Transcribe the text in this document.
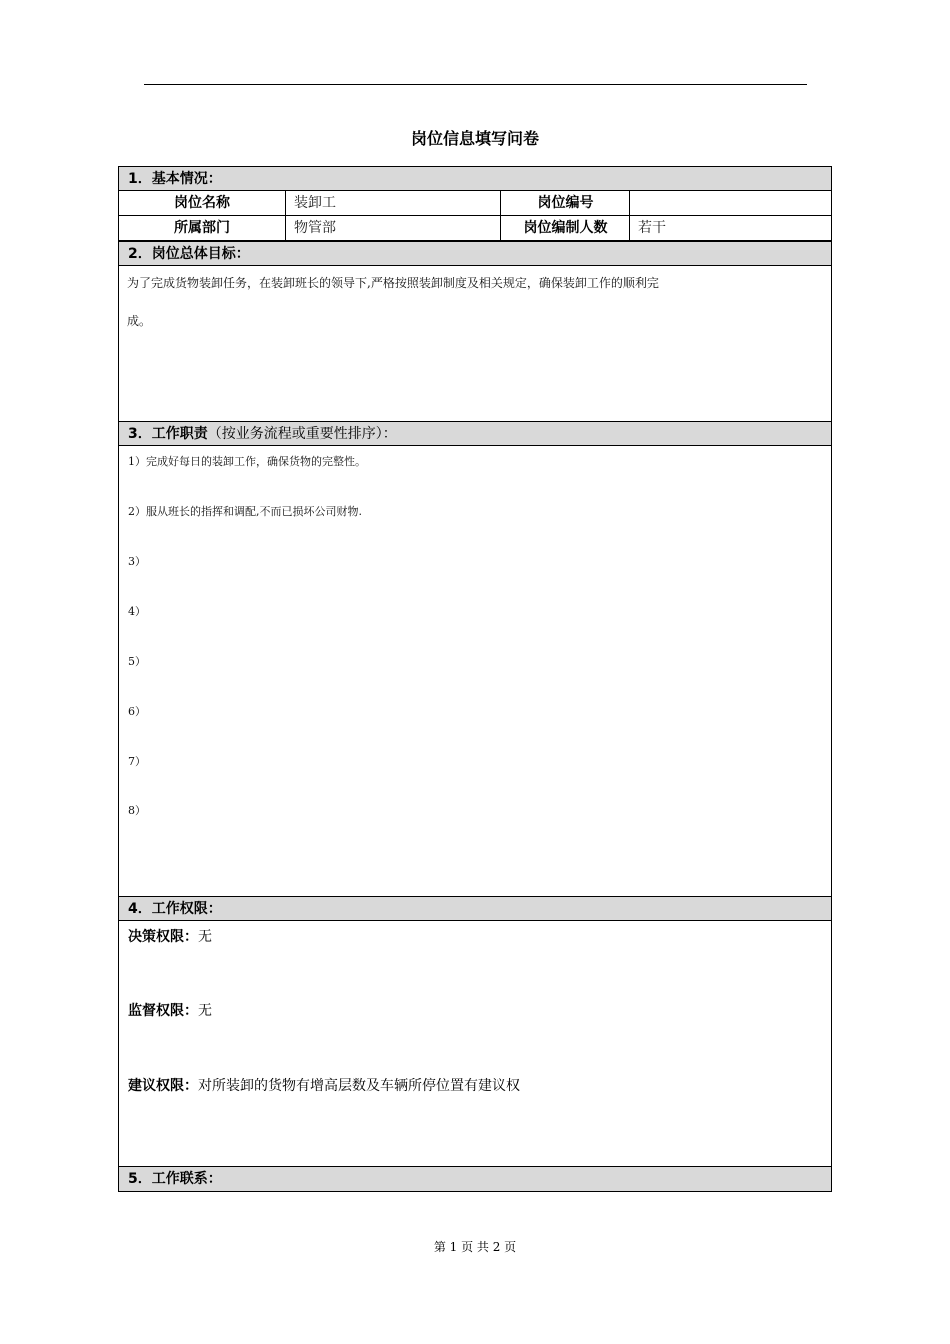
岗位信息填写问卷
1．基本情况：
岗位名称	装卸工	岗位编号
所属部门	物管部	岗位编制人数	若干
2．岗位总体目标：
为了完成货物装卸任务，在装卸班长的领导下,严格按照装卸制度及相关规定，确保装卸工作的顺利完
成。
3．工作职责（按业务流程或重要性排序）：
1）完成好每日的装卸工作，确保货物的完整性。
2）服从班长的指挥和调配,不而已损坏公司财物.
3）
4）
5）
6）
7）
8）
4．工作权限：
决策权限：无
监督权限：无
建议权限：对所装卸的货物有增高层数及车辆所停位置有建议权
5．工作联系：
第 1 页 共 2 页
